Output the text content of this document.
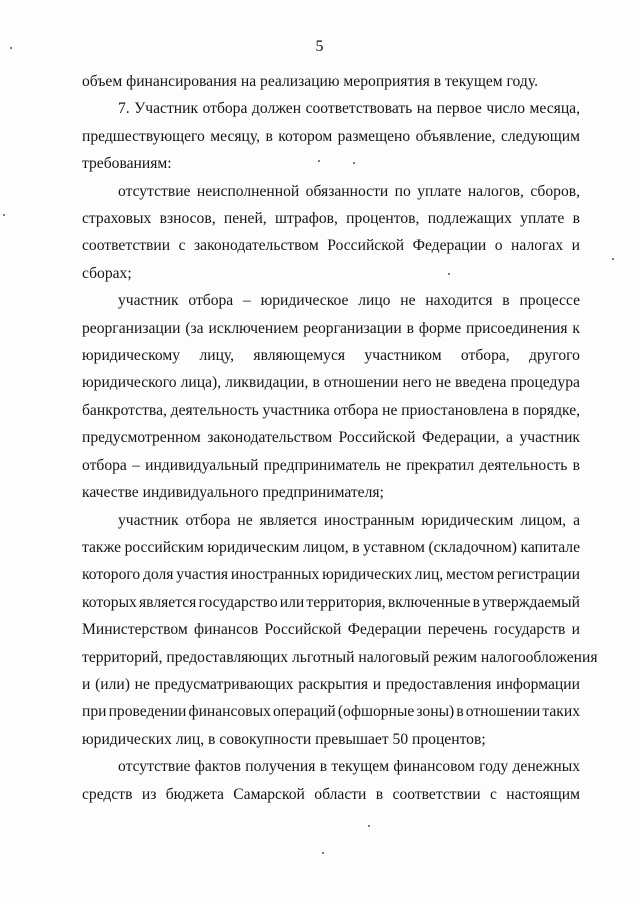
5
объем финансирования на реализацию мероприятия в текущем году.
7. Участник отбора должен соответствовать на первое число месяца,
предшествующего месяцу, в котором размещено объявление, следующим
требованиям:
отсутствие неисполненной обязанности по уплате налогов, сборов,
страховых взносов, пеней, штрафов, процентов, подлежащих уплате в
соответствии с законодательством Российской Федерации о налогах и
сборах;
участник отбора – юридическое лицо не находится в процессе
реорганизации (за исключением реорганизации в форме присоединения к
юридическому лицу, являющемуся участником отбора, другого
юридического лица), ликвидации, в отношении него не введена процедура
банкротства, деятельность участника отбора не приостановлена в порядке,
предусмотренном законодательством Российской Федерации, а участник
отбора – индивидуальный предприниматель не прекратил деятельность в
качестве индивидуального предпринимателя;
участник отбора не является иностранным юридическим лицом, а
также российским юридическим лицом, в уставном (складочном) капитале
которого доля участия иностранных юридических лиц, местом регистрации
которых является государство или территория, включенные в утверждаемый
Министерством финансов Российской Федерации перечень государств и
территорий, предоставляющих льготный налоговый режим налогообложения
и (или) не предусматривающих раскрытия и предоставления информации
при проведении финансовых операций (офшорные зоны) в отношении таких
юридических лиц, в совокупности превышает 50 процентов;
отсутствие фактов получения в текущем финансовом году денежных
средств из бюджета Самарской области в соответствии с настоящим
